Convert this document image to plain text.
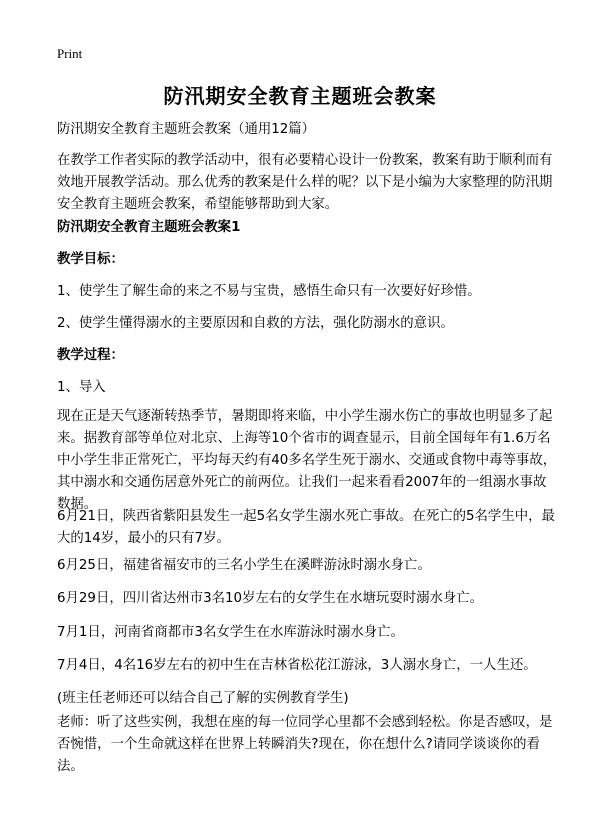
Print
防汛期安全教育主题班会教案

防汛期安全教育主题班会教案（通用12篇）

在教学工作者实际的教学活动中，很有必要精心设计一份教案，教案有助于顺利而有效地开展教学活动。那么优秀的教案是什么样的呢？以下是小编为大家整理的防汛期安全教育主题班会教案，希望能够帮助到大家。

防汛期安全教育主题班会教案1

教学目标：

1、使学生了解生命的来之不易与宝贵，感悟生命只有一次要好好珍惜。

2、使学生懂得溺水的主要原因和自救的方法，强化防溺水的意识。

教学过程：

1、导入

现在正是天气逐渐转热季节，暑期即将来临，中小学生溺水伤亡的事故也明显多了起来。据教育部等单位对北京、上海等10个省市的调查显示，目前全国每年有1.6万名中小学生非正常死亡，平均每天约有40多名学生死于溺水、交通或食物中毒等事故，其中溺水和交通伤居意外死亡的前两位。让我们一起来看看2007年的一组溺水事故数据。

6月21日，陕西省紫阳县发生一起5名女学生溺水死亡事故。在死亡的5名学生中，最大的14岁，最小的只有7岁。

6月25日，福建省福安市的三名小学生在溪畔游泳时溺水身亡。

6月29日，四川省达州市3名10岁左右的女学生在水塘玩耍时溺水身亡。

7月1日，河南省商都市3名女学生在水库游泳时溺水身亡。

7月4日，4名16岁左右的初中生在吉林省松花江游泳，3人溺水身亡，一人生还。

(班主任老师还可以结合自己了解的实例教育学生)

老师：听了这些实例，我想在座的每一位同学心里都不会感到轻松。你是否感叹，是否惋惜，一个生命就这样在世界上转瞬消失?现在，你在想什么?请同学谈谈你的看法。
